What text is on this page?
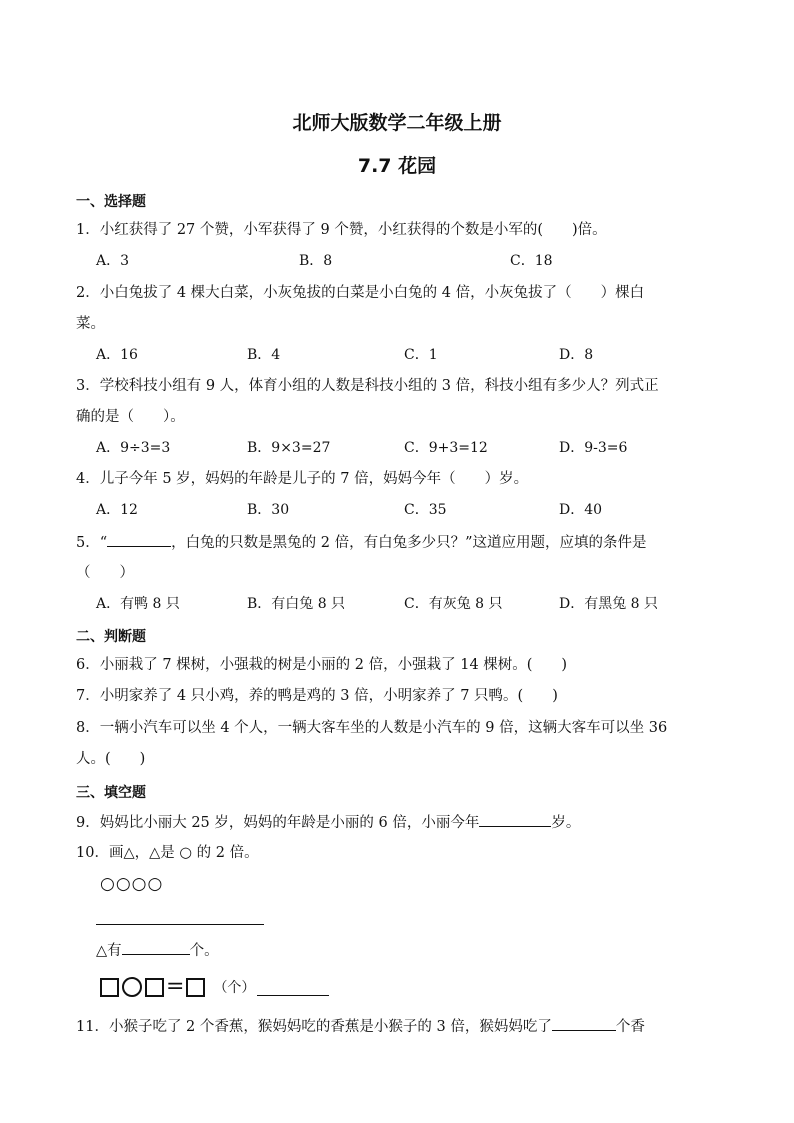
北师大版数学二年级上册
7.7 花园
一、选择题
1．小红获得了 27 个赞，小军获得了 9 个赞，小红获得的个数是小军的(　　)倍。
A．3	B．8	C．18
2．小白兔拔了 4 棵大白菜，小灰兔拔的白菜是小白兔的 4 倍，小灰兔拔了（　　）棵白
菜。
A．16	B．4	C．1	D．8
3．学校科技小组有 9 人，体育小组的人数是科技小组的 3 倍，科技小组有多少人？列式正
确的是（　　）。
A．9÷3=3	B．9×3=27	C．9+3=12	D．9-3=6
4．儿子今年 5 岁，妈妈的年龄是儿子的 7 倍，妈妈今年（　　）岁。
A．12	B．30	C．35	D．40
5．“	，白兔的只数是黑兔的 2 倍，有白兔多少只？”这道应用题，应填的条件是
（　　）
A．有鸭 8 只	B．有白兔 8 只	C．有灰兔 8 只	D．有黑兔 8 只
二、判断题
6．小丽栽了 7 棵树，小强栽的树是小丽的 2 倍，小强栽了 14 棵树。(　　)
7．小明家养了 4 只小鸡，养的鸭是鸡的 3 倍，小明家养了 7 只鸭。(　　)
8．一辆小汽车可以坐 4 个人，一辆大客车坐的人数是小汽车的 9 倍，这辆大客车可以坐 36
人。(　　)
三、填空题
9．妈妈比小丽大 25 岁，妈妈的年龄是小丽的 6 倍，小丽今年	岁。
10．画△，△是 ○ 的 2 倍。
○○○○
△有	个。
= （个）
11．小猴子吃了 2 个香蕉，猴妈妈吃的香蕉是小猴子的 3 倍，猴妈妈吃了	个香
